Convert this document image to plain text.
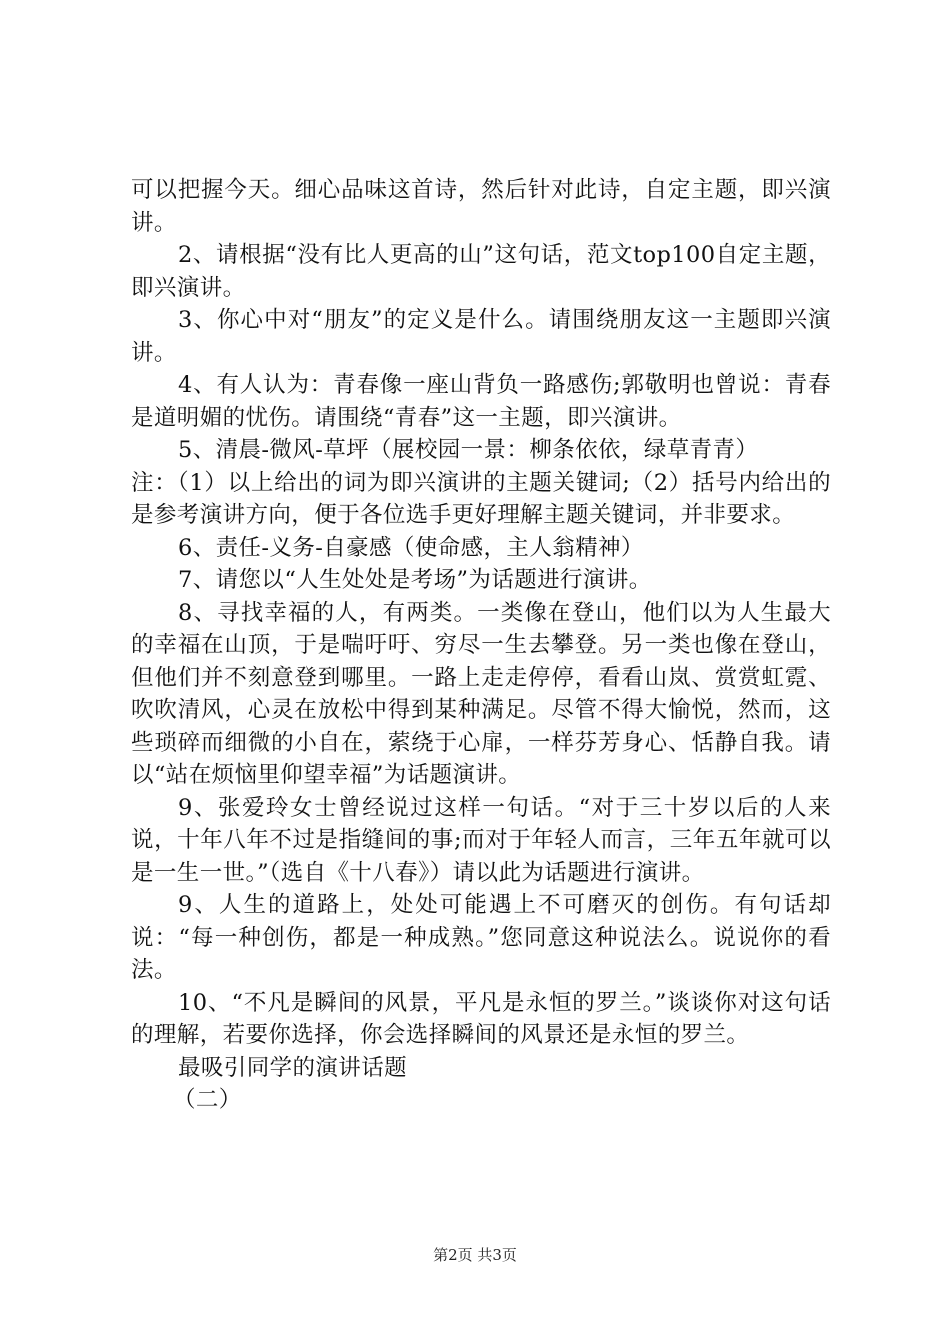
可以把握今天。细心品味这首诗，然后针对此诗，自定主题，即兴演讲。

2、请根据“没有比人更高的山”这句话，范文top100自定主题，即兴演讲。

3、你心中对“朋友”的定义是什么。请围绕朋友这一主题即兴演讲。

4、有人认为：青春像一座山背负一路感伤;郭敬明也曾说：青春是道明媚的忧伤。请围绕“青春”这一主题，即兴演讲。

5、清晨-微风-草坪（展校园一景：柳条依依，绿草青青）

注：（1）以上给出的词为即兴演讲的主题关键词;（2）括号内给出的是参考演讲方向，便于各位选手更好理解主题关键词，并非要求。

6、责任-义务-自豪感（使命感，主人翁精神）

7、请您以“人生处处是考场”为话题进行演讲。

8、寻找幸福的人，有两类。一类像在登山，他们以为人生最大的幸福在山顶，于是喘吁吁、穷尽一生去攀登。另一类也像在登山，但他们并不刻意登到哪里。一路上走走停停，看看山岚、赏赏虹霓、吹吹清风，心灵在放松中得到某种满足。尽管不得大愉悦，然而，这些琐碎而细微的小自在，萦绕于心扉，一样芬芳身心、恬静自我。请以“站在烦恼里仰望幸福”为话题演讲。

9、张爱玲女士曾经说过这样一句话。“对于三十岁以后的人来说，十年八年不过是指缝间的事;而对于年轻人而言，三年五年就可以是一生一世。”（选自《十八春》）请以此为话题进行演讲。

9、人生的道路上，处处可能遇上不可磨灭的创伤。有句话却说：“每一种创伤，都是一种成熟。”您同意这种说法么。说说你的看法。

10、“不凡是瞬间的风景，平凡是永恒的罗兰。”谈谈你对这句话的理解，若要你选择，你会选择瞬间的风景还是永恒的罗兰。

最吸引同学的演讲话题

（二）

第2页 共3页
